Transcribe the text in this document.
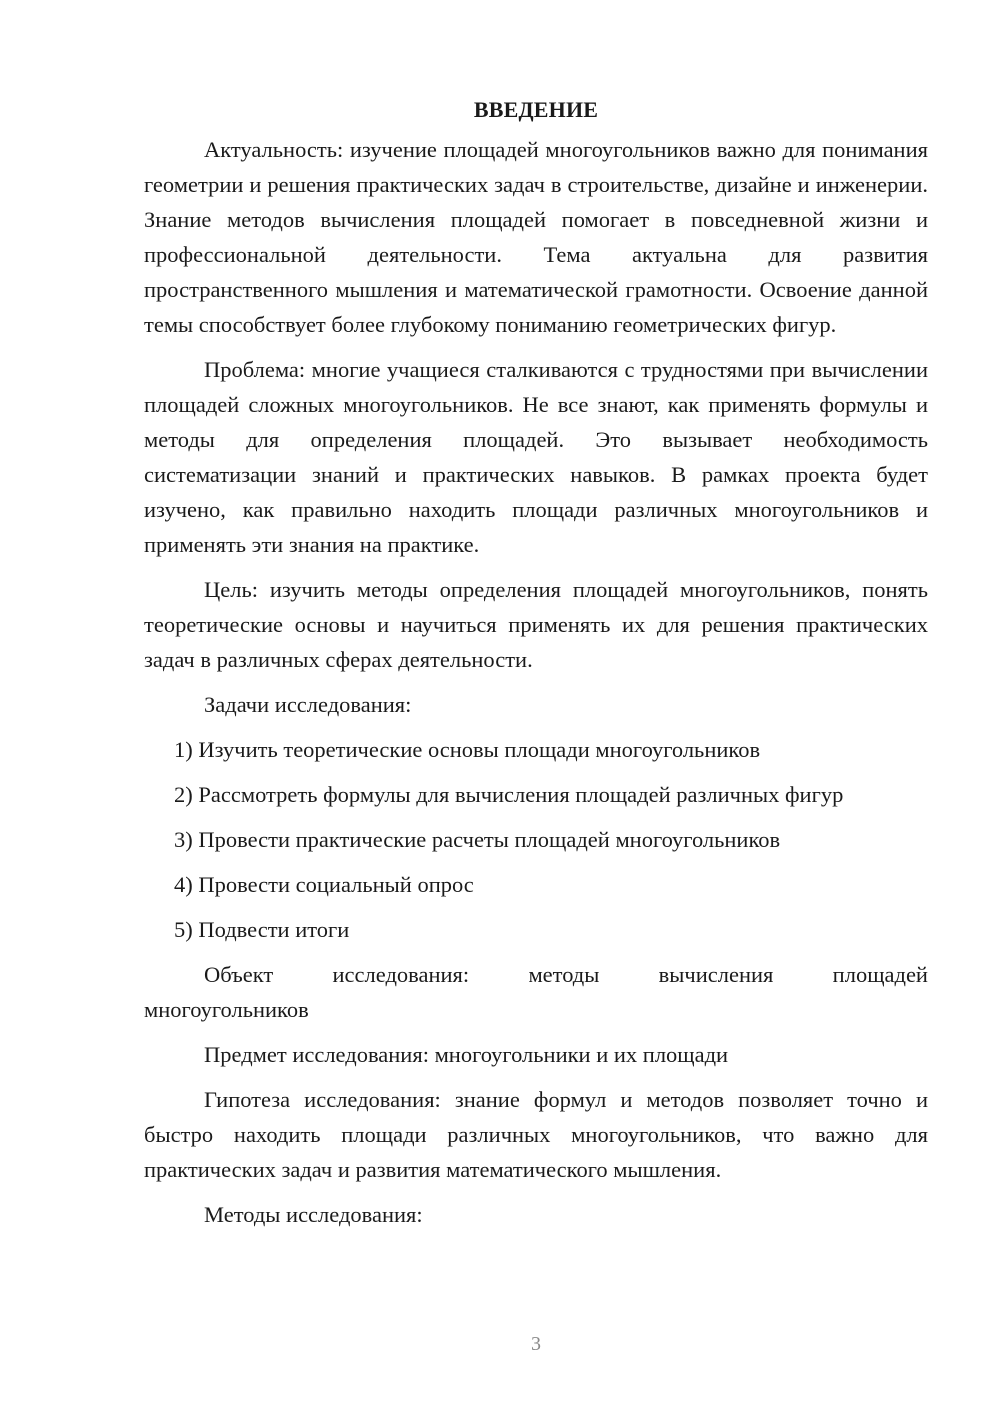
ВВЕДЕНИЕ

Актуальность: изучение площадей многоугольников важно для понимания геометрии и решения практических задач в строительстве, дизайне и инженерии. Знание методов вычисления площадей помогает в повседневной жизни и профессиональной деятельности. Тема актуальна для развития пространственного мышления и математической грамотности. Освоение данной темы способствует более глубокому пониманию геометрических фигур.

Проблема: многие учащиеся сталкиваются с трудностями при вычислении площадей сложных многоугольников. Не все знают, как применять формулы и методы для определения площадей. Это вызывает необходимость систематизации знаний и практических навыков. В рамках проекта будет изучено, как правильно находить площади различных многоугольников и применять эти знания на практике.

Цель: изучить методы определения площадей многоугольников, понять теоретические основы и научиться применять их для решения практических задач в различных сферах деятельности.

Задачи исследования:
1) Изучить теоретические основы площади многоугольников
2) Рассмотреть формулы для вычисления площадей различных фигур
3) Провести практические расчеты площадей многоугольников
4) Провести социальный опрос
5) Подвести итоги
Объект	исследования:	методы	вычисления	площадей
многоугольников
Предмет исследования: многоугольники и их площади

Гипотеза исследования: знание формул и методов позволяет точно и быстро находить площади различных многоугольников, что важно для практических задач и развития математического мышления.

Методы исследования:
3
